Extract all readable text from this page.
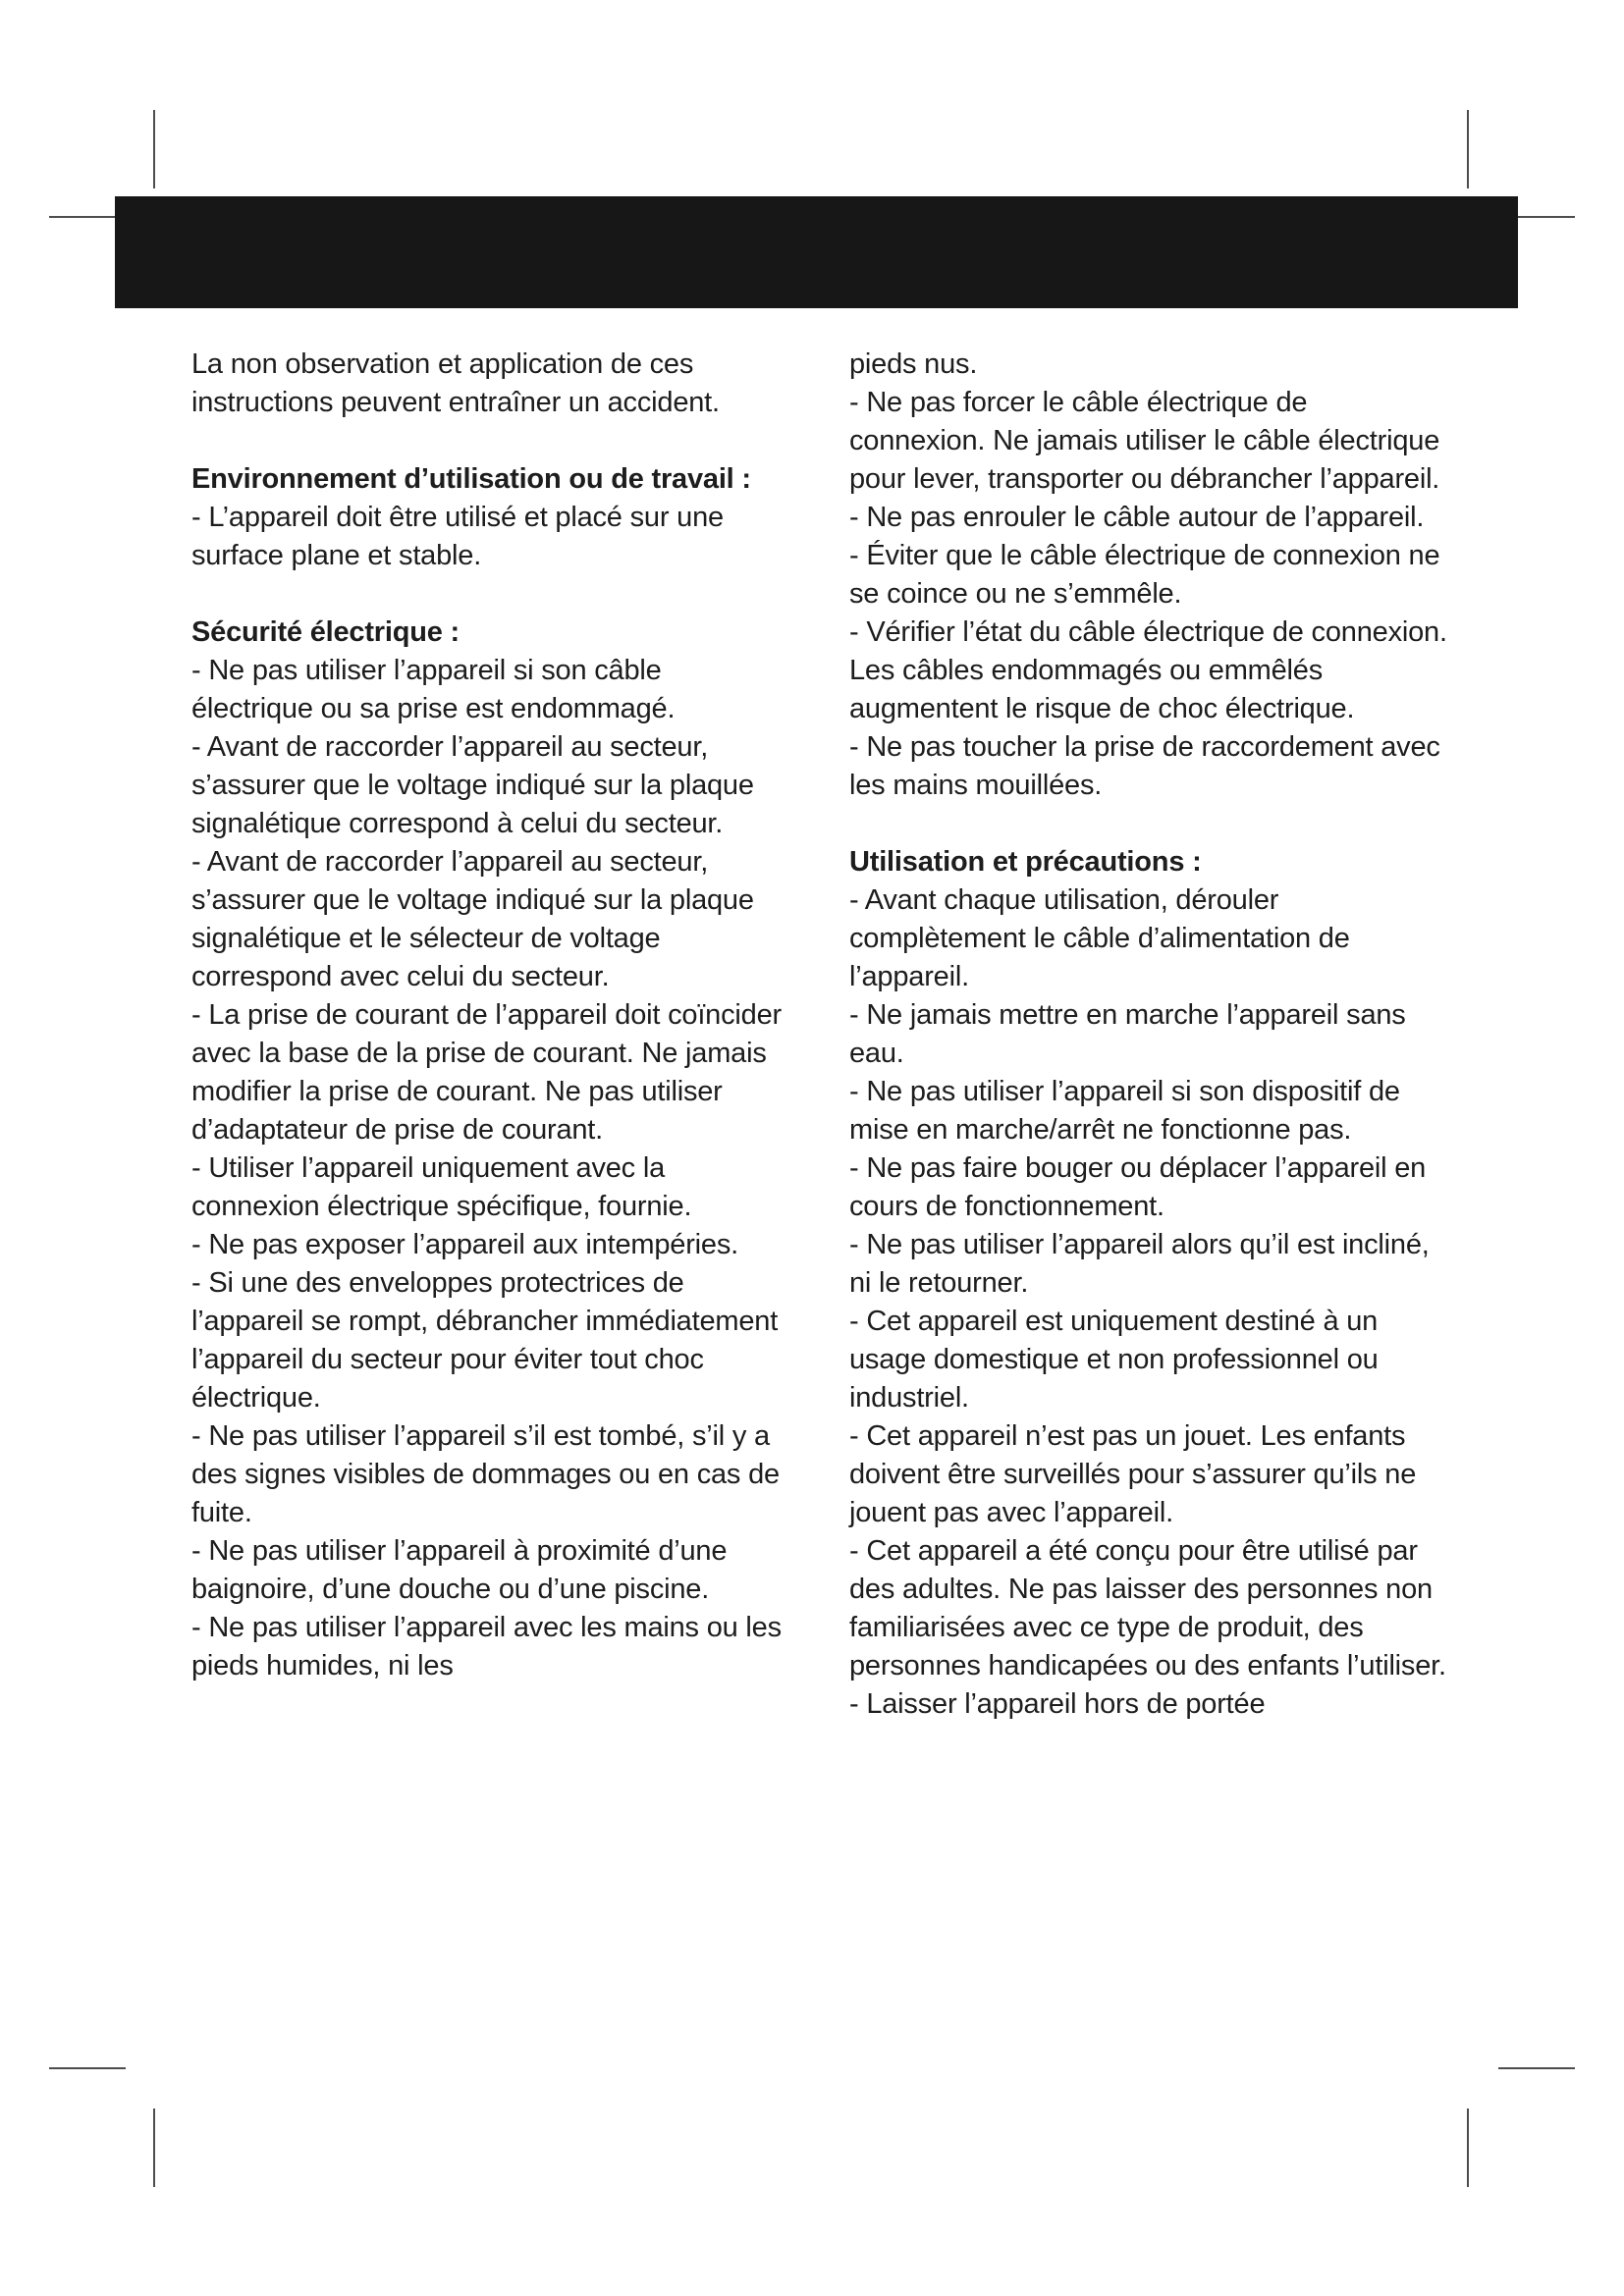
La non observation et application de ces instructions peuvent entraîner un accident.

Environnement d’utilisation ou de travail :

- L’appareil doit être utilisé et placé sur une surface plane et stable.

Sécurité électrique :

- Ne pas utiliser l’appareil si son câble électrique ou sa prise est endommagé.

- Avant de raccorder l’appareil au secteur, s’assurer que le voltage indiqué sur la plaque signalétique correspond à celui du secteur.

- Avant de raccorder l’appareil au secteur, s’assurer que le voltage indiqué sur la plaque signalétique et le sélecteur de voltage correspond avec celui du secteur.

- La prise de courant de l’appareil doit coïncider avec la base de la prise de courant. Ne jamais modifier la prise de courant. Ne pas utiliser d’adaptateur de prise de courant.

- Utiliser l’appareil uniquement avec la connexion électrique spécifique, fournie.

- Ne pas exposer l’appareil aux intempéries.

- Si une des enveloppes protectrices de l’appareil se rompt, débrancher immédiatement l’appareil du secteur pour éviter tout choc électrique.

- Ne pas utiliser l’appareil s’il est tombé, s’il y a des signes visibles de dommages ou en cas de fuite.

- Ne pas utiliser l’appareil à proximité d’une baignoire, d’une douche ou d’une piscine.

- Ne pas utiliser l’appareil avec les mains ou les pieds humides, ni les

pieds nus.

- Ne pas forcer le câble électrique de connexion. Ne jamais utiliser le câble électrique pour lever, transporter ou débrancher l’appareil.

- Ne pas enrouler le câble autour de l’appareil.

- Éviter que le câble électrique de connexion ne se coince ou ne s’emmêle.

- Vérifier l’état du câble électrique de connexion. Les câbles endommagés ou emmêlés augmentent le risque de choc électrique.

- Ne pas toucher la prise de raccordement avec les mains mouillées.

Utilisation et précautions :

- Avant chaque utilisation, dérouler complètement le câble d’alimentation de l’appareil.

- Ne jamais mettre en marche l’appareil sans eau.

- Ne pas utiliser l’appareil si son dispositif de mise en marche/arrêt ne fonctionne pas.

- Ne pas faire bouger ou déplacer l’appareil en cours de fonctionnement.

- Ne pas utiliser l’appareil alors qu’il est incliné, ni le retourner.

- Cet appareil est uniquement destiné à un usage domestique et non professionnel ou industriel.

- Cet appareil n’est pas un jouet. Les enfants doivent être surveillés pour s’assurer qu’ils ne jouent pas avec l’appareil.

- Cet appareil a été conçu pour être utilisé par des adultes. Ne pas laisser des personnes non familiarisées avec ce type de produit, des personnes handicapées ou des enfants l’utiliser.

- Laisser l’appareil hors de portée
